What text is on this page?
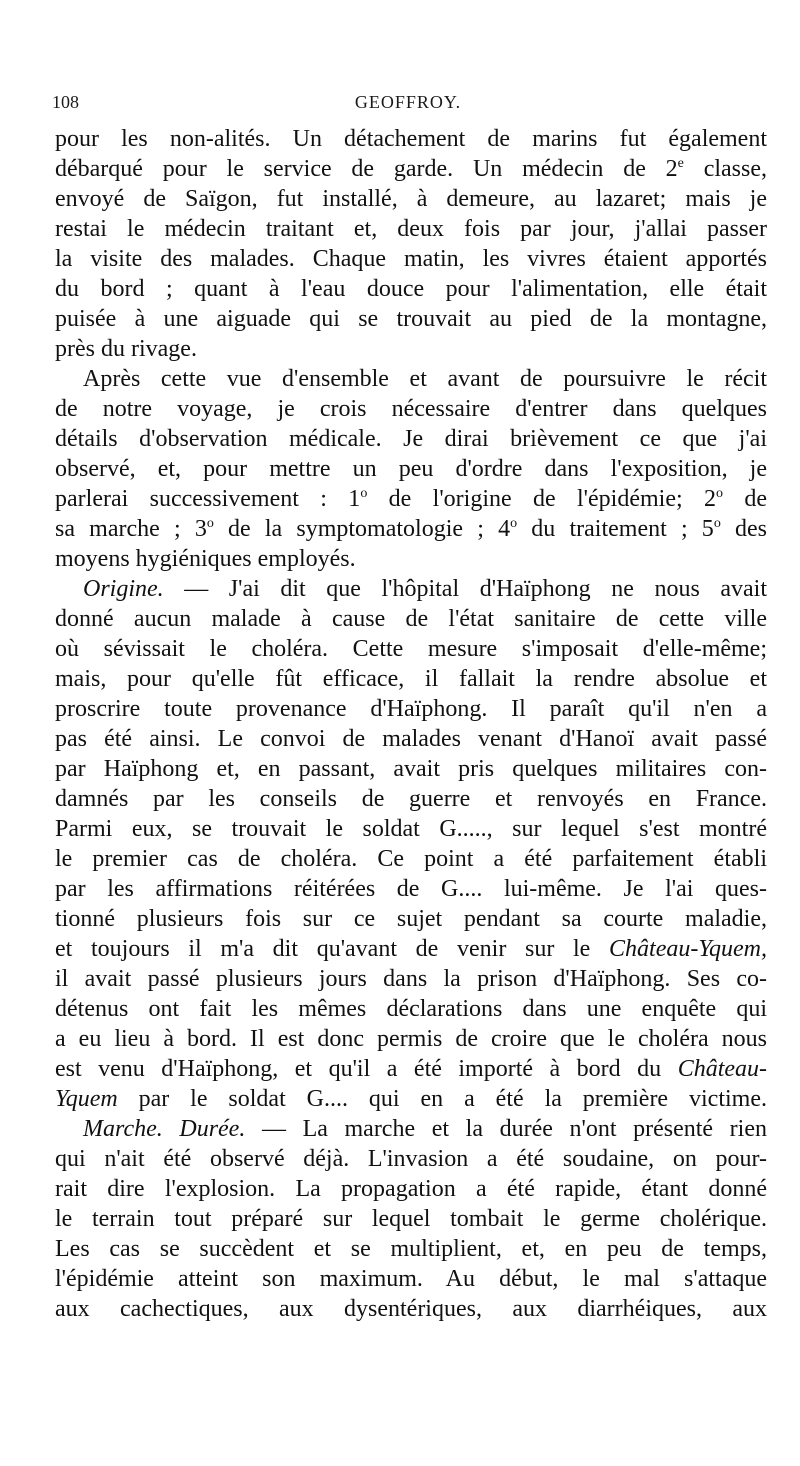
108	GEOFFROY.
pour les non-alités. Un détachement de marins fut également
débarqué pour le service de garde. Un médecin de 2e classe,
envoyé de Saïgon, fut installé, à demeure, au lazaret; mais je
restai le médecin traitant et, deux fois par jour, j'allai passer
la visite des malades. Chaque matin, les vivres étaient apportés
du bord ; quant à l'eau douce pour l'alimentation, elle était
puisée à une aiguade qui se trouvait au pied de la montagne,
près du rivage.
Après cette vue d'ensemble et avant de poursuivre le récit
de notre voyage, je crois nécessaire d'entrer dans quelques
détails d'observation médicale. Je dirai brièvement ce que j'ai
observé, et, pour mettre un peu d'ordre dans l'exposition, je
parlerai successivement : 1$^o$ de l'origine de l'épidémie; 2$^o$ de
sa marche ; 3$^o$ de la symptomatologie ; 4$^o$ du traitement ; 5$^o$ des
moyens hygiéniques employés.
Origine. — J'ai dit que l'hôpital d'Haïphong ne nous avait
donné aucun malade à cause de l'état sanitaire de cette ville
où sévissait le choléra. Cette mesure s'imposait d'elle-même;
mais, pour qu'elle fût efficace, il fallait la rendre absolue et
proscrire toute provenance d'Haïphong. Il paraît qu'il n'en a
pas été ainsi. Le convoi de malades venant d'Hanoï avait passé
par Haïphong et, en passant, avait pris quelques militaires con-
damnés par les conseils de guerre et renvoyés en France.
Parmi eux, se trouvait le soldat G....., sur lequel s'est montré
le premier cas de choléra. Ce point a été parfaitement établi
par les affirmations réitérées de G.... lui-même. Je l'ai ques-
tionné plusieurs fois sur ce sujet pendant sa courte maladie,
et toujours il m'a dit qu'avant de venir sur le Château-Yquem,
il avait passé plusieurs jours dans la prison d'Haïphong. Ses co-
détenus ont fait les mêmes déclarations dans une enquête qui
a eu lieu à bord. Il est donc permis de croire que le choléra nous
est venu d'Haïphong, et qu'il a été importé à bord du Château-
Yquem par le soldat G.... qui en a été la première victime.
Marche. Durée. — La marche et la durée n'ont présenté rien
qui n'ait été observé déjà. L'invasion a été soudaine, on pour-
rait dire l'explosion. La propagation a été rapide, étant donné
le terrain tout préparé sur lequel tombait le germe cholérique.
Les cas se succèdent et se multiplient, et, en peu de temps,
l'épidémie atteint son maximum. Au début, le mal s'attaque
aux cachectiques, aux dysentériques, aux diarrhéiques, aux
